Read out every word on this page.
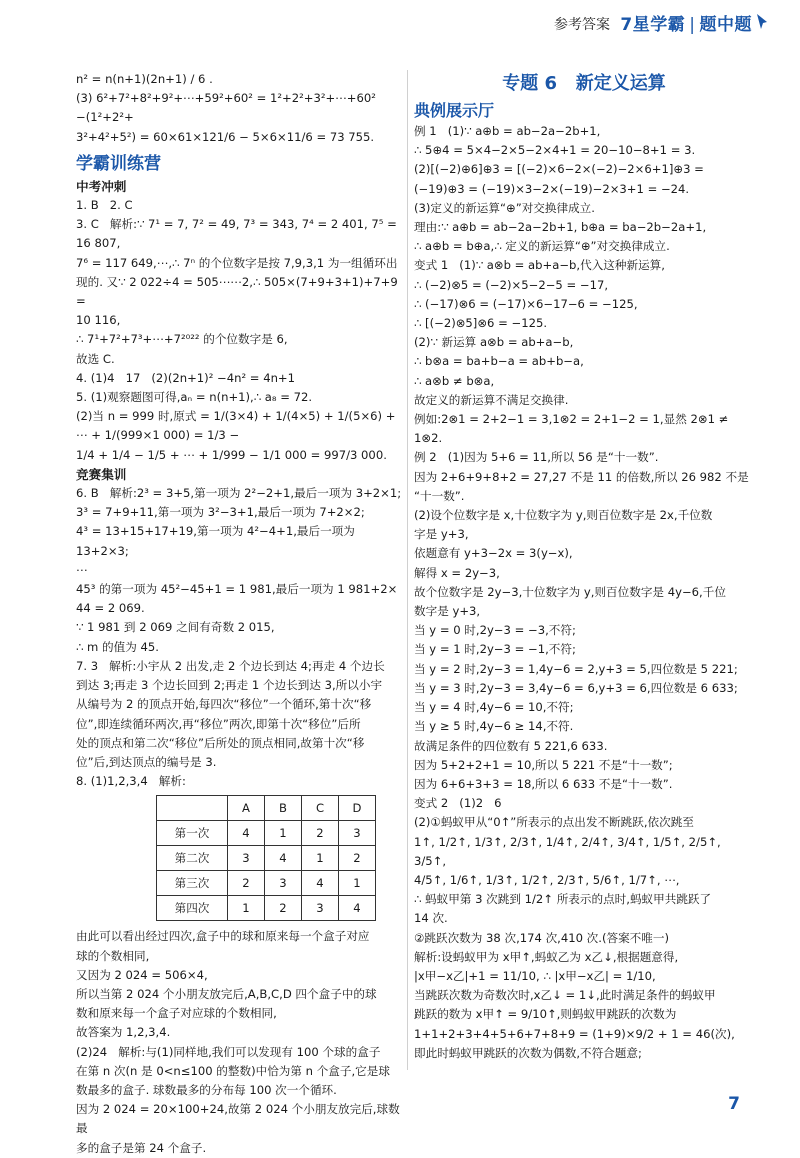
参考答案 7星学霸 | 题中题

n² = n(n+1)(2n+1) / 6 .

(3) 6²+7²+8²+9²+⋯+59²+60² = 1²+2²+3²+⋯+60² −(1²+2²+

3²+4²+5²) = 60×61×121/6 − 5×6×11/6 = 73 755.

学霸训练营

中考冲刺

1. B   2. C

3. C   解析:∵ 7¹ = 7, 7² = 49, 7³ = 343, 7⁴ = 2 401, 7⁵ = 16 807,

7⁶ = 117 649,⋯,∴ 7ⁿ 的个位数字是按 7,9,3,1 为一组循环出

现的. 又∵ 2 022÷4 = 505⋯⋯2,∴ 505×(7+9+3+1)+7+9 =

10 116,

∴ 7¹+7²+7³+⋯+7²⁰²² 的个位数字是 6,

故选 C.

4. (1)4   17   (2)(2n+1)² −4n² = 4n+1

5. (1)观察题图可得,aₙ = n(n+1),∴ a₈ = 72.

(2)当 n = 999 时,原式 = 1/(3×4) + 1/(4×5) + 1/(5×6) + ⋯ + 1/(999×1 000) = 1/3 −

1/4 + 1/4 − 1/5 + ⋯ + 1/999 − 1/1 000 = 997/3 000.

竞赛集训

6. B   解析:2³ = 3+5,第一项为 2²−2+1,最后一项为 3+2×1;

3³ = 7+9+11,第一项为 3²−3+1,最后一项为 7+2×2;

4³ = 13+15+17+19,第一项为 4²−4+1,最后一项为 13+2×3;

⋯

45³ 的第一项为 45²−45+1 = 1 981,最后一项为 1 981+2×

44 = 2 069.

∵ 1 981 到 2 069 之间有奇数 2 015,

∴ m 的值为 45.

7. 3   解析:小宇从 2 出发,走 2 个边长到达 4;再走 4 个边长

到达 3;再走 3 个边长回到 2;再走 1 个边长到达 3,所以小宇

从编号为 2 的顶点开始,每四次“移位”一个循环,第十次“移

位”,即连续循环两次,再“移位”两次,即第十次“移位”后所

处的顶点和第二次“移位”后所处的顶点相同,故第十次“移

位”后,到达顶点的编号是 3.

8. (1)1,2,3,4   解析:

	A	B	C	D
第一次	4	1	2	3
第二次	3	4	1	2
第三次	2	3	4	1
第四次	1	2	3	4

由此可以看出经过四次,盒子中的球和原来每一个盒子对应

球的个数相同,

又因为 2 024 = 506×4,

所以当第 2 024 个小朋友放完后,A,B,C,D 四个盒子中的球

数和原来每一个盒子对应球的个数相同,

故答案为 1,2,3,4.

(2)24   解析:与(1)同样地,我们可以发现有 100 个球的盒子

在第 n 次(n 是 0<n≤100 的整数)中恰为第 n 个盒子,它是球

数最多的盒子. 球数最多的分布每 100 次一个循环.

因为 2 024 = 20×100+24,故第 2 024 个小朋友放完后,球数最

多的盒子是第 24 个盒子.

专题 6   新定义运算

典例展示厅

例 1   (1)∵ a⊕b = ab−2a−2b+1,

∴ 5⊕4 = 5×4−2×5−2×4+1 = 20−10−8+1 = 3.

(2)[(−2)⊕6]⊕3 = [(−2)×6−2×(−2)−2×6+1]⊕3 =

(−19)⊕3 = (−19)×3−2×(−19)−2×3+1 = −24.

(3)定义的新运算“⊕”对交换律成立.

理由:∵ a⊕b = ab−2a−2b+1, b⊕a = ba−2b−2a+1,

∴ a⊕b = b⊕a,∴ 定义的新运算“⊕”对交换律成立.

变式 1   (1)∵ a⊗b = ab+a−b,代入这种新运算,

∴ (−2)⊗5 = (−2)×5−2−5 = −17,

∴ (−17)⊗6 = (−17)×6−17−6 = −125,

∴ [(−2)⊗5]⊗6 = −125.

(2)∵ 新运算 a⊗b = ab+a−b,

∴ b⊗a = ba+b−a = ab+b−a,

∴ a⊗b ≠ b⊗a,

故定义的新运算不满足交换律.

例如:2⊗1 = 2+2−1 = 3,1⊗2 = 2+1−2 = 1,显然 2⊗1 ≠ 1⊗2.

例 2   (1)因为 5+6 = 11,所以 56 是“十一数”.

因为 2+6+9+8+2 = 27,27 不是 11 的倍数,所以 26 982 不是

“十一数”.

(2)设个位数字是 x,十位数字为 y,则百位数字是 2x,千位数

字是 y+3,

依题意有 y+3−2x = 3(y−x),

解得 x = 2y−3,

故个位数字是 2y−3,十位数字为 y,则百位数字是 4y−6,千位

数字是 y+3,

当 y = 0 时,2y−3 = −3,不符;

当 y = 1 时,2y−3 = −1,不符;

当 y = 2 时,2y−3 = 1,4y−6 = 2,y+3 = 5,四位数是 5 221;

当 y = 3 时,2y−3 = 3,4y−6 = 6,y+3 = 6,四位数是 6 633;

当 y = 4 时,4y−6 = 10,不符;

当 y ≥ 5 时,4y−6 ≥ 14,不符.

故满足条件的四位数有 5 221,6 633.

因为 5+2+2+1 = 10,所以 5 221 不是“十一数”;

因为 6+6+3+3 = 18,所以 6 633 不是“十一数”.

变式 2   (1)2   6

(2)①蚂蚁甲从“0↑”所表示的点出发不断跳跃,依次跳至

1↑, 1/2↑, 1/3↑, 2/3↑, 1/4↑, 2/4↑, 3/4↑, 1/5↑, 2/5↑, 3/5↑,

4/5↑, 1/6↑, 1/3↑, 1/2↑, 2/3↑, 5/6↑, 1/7↑, ⋯,

∴ 蚂蚁甲第 3 次跳到 1/2↑ 所表示的点时,蚂蚁甲共跳跃了

14 次.

②跳跃次数为 38 次,174 次,410 次.(答案不唯一)

解析:设蚂蚁甲为 x甲↑,蚂蚁乙为 x乙↓,根据题意得,

|x甲−x乙|+1 = 11/10, ∴ |x甲−x乙| = 1/10,

当跳跃次数为奇数次时,x乙↓ = 1↓,此时满足条件的蚂蚁甲

跳跃的数为 x甲↑ = 9/10↑,则蚂蚁甲跳跃的次数为

1+1+2+3+4+5+6+7+8+9 = (1+9)×9/2 + 1 = 46(次),

即此时蚂蚁甲跳跃的次数为偶数,不符合题意;

7
